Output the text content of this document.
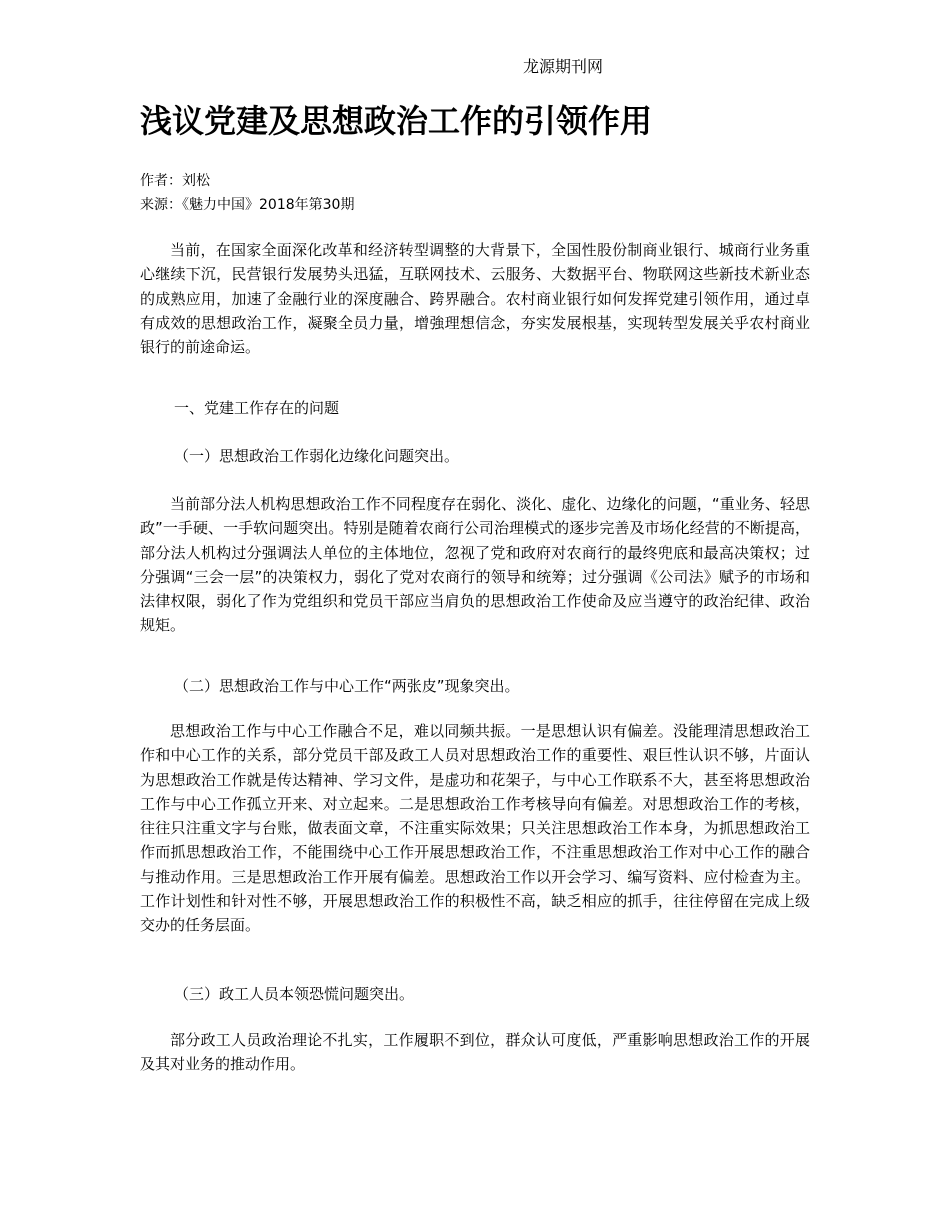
龙源期刊网
浅议党建及思想政治工作的引领作用
作者：刘松
来源：《魅力中国》2018年第30期

当前，在国家全面深化改革和经济转型调整的大背景下，全国性股份制商业银行、城商行业务重心继续下沉，民营银行发展势头迅猛，互联网技术、云服务、大数据平台、物联网这些新技术新业态的成熟应用，加速了金融行业的深度融合、跨界融合。农村商业银行如何发挥党建引领作用，通过卓有成效的思想政治工作，凝聚全员力量，增強理想信念，夯实发展根基，实现转型发展关乎农村商业银行的前途命运。

一、党建工作存在的问题
（一）思想政治工作弱化边缘化问题突出。

当前部分法人机构思想政治工作不同程度存在弱化、淡化、虚化、边缘化的问题，“重业务、轻思政”一手硬、一手软问题突出。特别是随着农商行公司治理模式的逐步完善及市场化经营的不断提高，部分法人机构过分强调法人单位的主体地位，忽视了党和政府对农商行的最终兜底和最高决策权；过分强调“三会一层”的决策权力，弱化了党对农商行的领导和统筹；过分强调《公司法》赋予的市场和法律权限，弱化了作为党组织和党员干部应当肩负的思想政治工作使命及应当遵守的政治纪律、政治规矩。

（二）思想政治工作与中心工作“两张皮”现象突出。

思想政治工作与中心工作融合不足，难以同频共振。一是思想认识有偏差。没能理清思想政治工作和中心工作的关系，部分党员干部及政工人员对思想政治工作的重要性、艰巨性认识不够，片面认为思想政治工作就是传达精神、学习文件，是虚功和花架子，与中心工作联系不大，甚至将思想政治工作与中心工作孤立开来、对立起来。二是思想政治工作考核导向有偏差。对思想政治工作的考核，往往只注重文字与台账，做表面文章，不注重实际效果；只关注思想政治工作本身，为抓思想政治工作而抓思想政治工作，不能围绕中心工作开展思想政治工作，不注重思想政治工作对中心工作的融合与推动作用。三是思想政治工作开展有偏差。思想政治工作以开会学习、编写资料、应付检查为主。工作计划性和针对性不够，开展思想政治工作的积极性不高，缺乏相应的抓手，往往停留在完成上级交办的任务层面。

（三）政工人员本领恐慌问题突出。

部分政工人员政治理论不扎实，工作履职不到位，群众认可度低，严重影响思想政治工作的开展及其对业务的推动作用。
